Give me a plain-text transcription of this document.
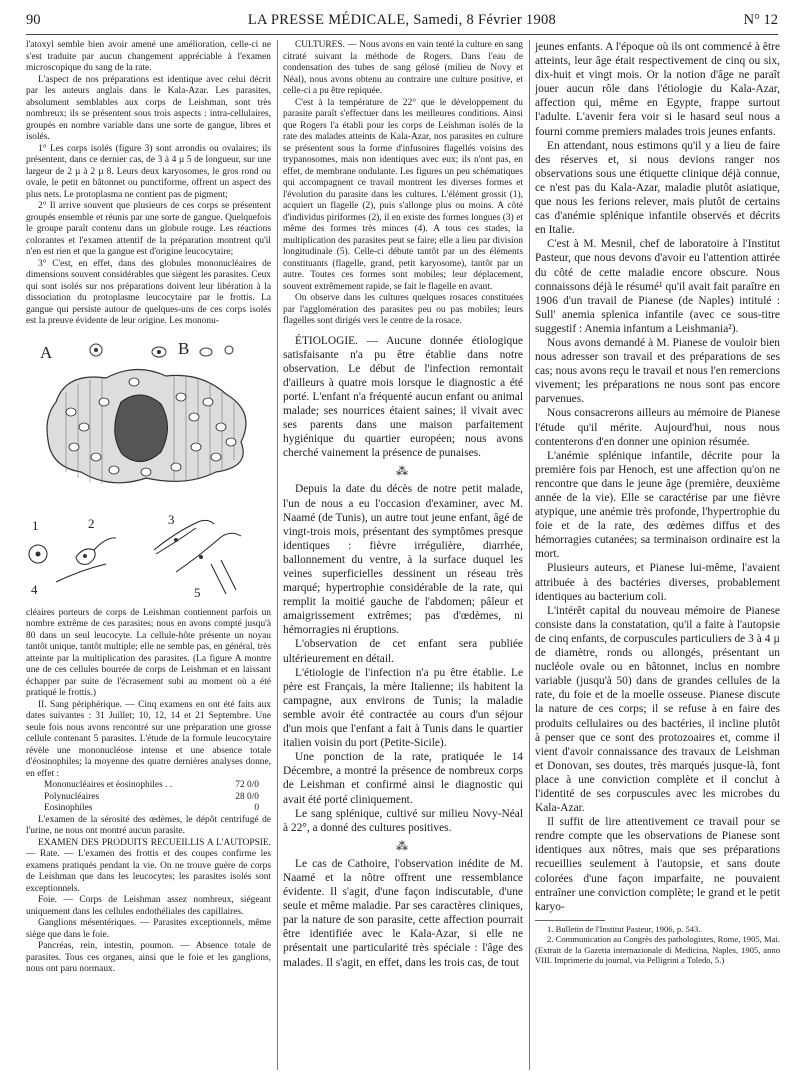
90	LA PRESSE MÉDICALE, Samedi, 8 Février 1908	N° 12

l'atoxyl semble bien avoir amené une amélioration, celle-ci ne s'est traduite par aucun changement appréciable à l'examen microscopique du sang de la rate.

L'aspect de nos préparations est identique avec celui décrit par les auteurs anglais dans le Kala-Azar. Les parasites, absolument semblables aux corps de Leishman, sont très nombreux; ils se présentent sous trois aspects : intra-cellulaires, groupés en nombre variable dans une sorte de gangue, libres et isolés.

1° Les corps isolés (figure 3) sont arrondis ou ovalaires; ils présentent, dans ce dernier cas, de 3 à 4 µ 5 de longueur, sur une largeur de 2 µ à 2 µ 8. Leurs deux karyosomes, le gros rond ou ovale, le petit en bâtonnet ou punctiforme, offrent un aspect des plus nets. Le protoplasma ne contient pas de pigment;

2° Il arrive souvent que plusieurs de ces corps se présentent groupés ensemble et réunis par une sorte de gangue. Quelquefois le groupe paraît contenu dans un globule rouge. Les réactions colorantes et l'examen attentif de la préparation montrent qu'il n'en est rien et que la gangue est d'origine leucocytaire;

3° C'est, en effet, dans des globules mononucléaires de dimensions souvent considérables que siègent les parasites. Ceux qui sont isolés sur nos préparations doivent leur libération à la dissociation du protoplasme leucocytaire par le frottis. La gangue qui persiste autour de quelques-uns de ces corps isolés est la preuve évidente de leur origine. Les mononu-

A	B
1	2	3
4	5

cléaires porteurs de corps de Leishman contiennent parfois un nombre extrême de ces parasites; nous en avons compté jusqu'à 80 dans un seul leucocyte. La cellule-hôte présente un noyau tantôt unique, tantôt multiple; elle ne semble pas, en général, très atteinte par la multiplication des parasites. (La figure A montre une de ces cellules bourrée de corps de Leishman et en laissant échapper par suite de l'écrasement subi au moment où a été pratiqué le frottis.)

II. Sang périphérique. — Cinq examens en ont été faits aux dates suivantes : 31 Juillet; 10, 12, 14 et 21 Septembre. Une seule fois nous avons rencontré sur une préparation une grosse cellule contenant 5 parasites. L'étude de la formule leucocytaire révèle une mononucléose intense et une absence totale d'éosinophiles; la moyenne des quatre dernières analyses donne, en effet :

Mononucléaires et éosinophiles . .	72 0/0
Polynucléaires	28 0/0
Eosinophiles	0

L'examen de la sérosité des œdèmes, le dépôt centrifugé de l'urine, ne nous ont montré aucun parasite.

EXAMEN DES PRODUITS RECUEILLIS A L'AUTOPSIE. — Rate. — L'examen des frottis et des coupes confirme les examens pratiqués pendant la vie. On ne trouve guère de corps de Leishman que dans les leucocytes; les parasites isolés sont exceptionnels.

Foie. — Corps de Leishman assez nombreux, siégeant uniquement dans les cellules endothéliales des capillaires.

Ganglions mésentériques. — Parasites exceptionnels, même siège que dans le foie.

Pancréas, rein, intestin, poumon. — Absence totale de parasites. Tous ces organes, ainsi que le foie et les ganglions, nous ont paru normaux.

CULTURES. — Nous avons en vain tenté la culture en sang citraté suivant la méthode de Rogers. Dans l'eau de condensation des tubes de sang gélosé (milieu de Novy et Néal), nous avons obtenu au contraire une culture positive, et celle-ci a pu être repiquée.

C'est à la température de 22° que le développement du parasite paraît s'effectuer dans les meilleures conditions. Ainsi que Rogers l'a établi pour les corps de Leishman isolés de la rate des malades atteints de Kala-Azar, nos parasites en culture se présentent sous la forme d'infusoires flagellés voisins des trypanosomes, mais non identiques avec eux; ils n'ont pas, en effet, de membrane ondulante. Les figures un peu schématiques qui accompagnent ce travail montrent les diverses formes et l'évolution du parasite dans les cultures. L'élément grossit (1), acquiert un flagelle (2), puis s'allonge plus ou moins. A côté d'individus piriformes (2), il en existe des formes longues (3) et même des formes très minces (4). A tous ces stades, la multiplication des parasites peut se faire; elle a lieu par division longitudinale (5). Celle-ci débute tantôt par un des éléments constituants (flagelle, grand, petit karyosome), tantôt par un autre. Toutes ces formes sont mobiles; leur déplacement, souvent extrêmement rapide, se fait le flagelle en avant.

On observe dans les cultures quelques rosaces constituées par l'agglomération des parasites peu ou pas mobiles; leurs flagelles sont dirigés vers le centre de la rosace.

ÉTIOLOGIE. — Aucune donnée étiologique satisfaisante n'a pu être établie dans notre observation. Le début de l'infection remontait d'ailleurs à quatre mois lorsque le diagnostic a été porté. L'enfant n'a fréquenté aucun enfant ou animal malade; ses nourrices étaient saines; il vivait avec ses parents dans une maison parfaitement hygiénique du quartier européen; nous avons cherché vainement la présence de punaises.

⁂

Depuis la date du décès de notre petit malade, l'un de nous a eu l'occasion d'examiner, avec M. Naamé (de Tunis), un autre tout jeune enfant, âgé de vingt-trois mois, présentant des symptômes presque identiques : fièvre irrégulière, diarrhée, ballonnement du ventre, à la surface duquel les veines superficielles dessinent un réseau très marqué; hypertrophie considérable de la rate, qui remplit la moitié gauche de l'abdomen; pâleur et amaigrissement extrêmes; pas d'œdèmes, ni hémorragies ni éruptions.

L'observation de cet enfant sera publiée ultérieurement en détail.

L'étiologie de l'infection n'a pu être établie. Le père est Français, la mère Italienne; ils habitent la campagne, aux environs de Tunis; la maladie semble avoir été contractée au cours d'un séjour d'un mois que l'enfant a fait à Tunis dans le quartier italien voisin du port (Petite-Sicile).

Une ponction de la rate, pratiquée le 14 Décembre, a montré la présence de nombreux corps de Leishman et confirmé ainsi le diagnostic qui avait été porté cliniquement.

Le sang splénique, cultivé sur milieu Novy-Néal à 22°, a donné des cultures positives.

⁂

Le cas de Cathoire, l'observation inédite de M. Naamé et la nôtre offrent une ressemblance évidente. Il s'agit, d'une façon indiscutable, d'une seule et même maladie. Par ses caractères cliniques, par la nature de son parasite, cette affection pourrait être identifiée avec le Kala-Azar, si elle ne présentait une particularité très spéciale : l'âge des malades. Il s'agit, en effet, dans les trois cas, de tout

jeunes enfants. A l'époque où ils ont commencé à être atteints, leur âge était respectivement de cinq ou six, dix-huit et vingt mois. Or la notion d'âge ne paraît jouer aucun rôle dans l'étiologie du Kala-Azar, affection qui, même en Egypte, frappe surtout l'adulte. L'avenir fera voir si le hasard seul nous a fourni comme premiers malades trois jeunes enfants.

En attendant, nous estimons qu'il y a lieu de faire des réserves et, si nous devions ranger nos observations sous une étiquette clinique déjà connue, ce n'est pas du Kala-Azar, maladie plutôt asiatique, que nous les ferions relever, mais plutôt de certains cas d'anémie splénique infantile observés et décrits en Italie.

C'est à M. Mesnil, chef de laboratoire à l'Institut Pasteur, que nous devons d'avoir eu l'attention attirée du côté de cette maladie encore obscure. Nous connaissons déjà le résumé¹ qu'il avait fait paraître en 1906 d'un travail de Pianese (de Naples) intitulé : Sull' anemia splenica infantile (avec ce sous-titre suggestif : Anemia infantum a Leishmania²).

Nous avons demandé à M. Pianese de vouloir bien nous adresser son travail et des préparations de ses cas; nous avons reçu le travail et nous l'en remercions vivement; les préparations ne nous sont pas encore parvenues.

Nous consacrerons ailleurs au mémoire de Pianese l'étude qu'il mérite. Aujourd'hui, nous nous contenterons d'en donner une opinion résumée.

L'anémie splénique infantile, décrite pour la première fois par Henoch, est une affection qu'on ne rencontre que dans le jeune âge (première, deuxième année de la vie). Elle se caractérise par une fièvre atypique, une anémie très profonde, l'hypertrophie du foie et de la rate, des œdèmes diffus et des hémorragies cutanées; sa terminaison ordinaire est la mort.

Plusieurs auteurs, et Pianese lui-même, l'avaient attribuée à des bactéries diverses, probablement identiques au bacterium coli.

L'intérêt capital du nouveau mémoire de Pianese consiste dans la constatation, qu'il a faite à l'autopsie de cinq enfants, de corpuscules particuliers de 3 à 4 µ de diamètre, ronds ou allongés, présentant un nucléole ovale ou en bâtonnet, inclus en nombre variable (jusqu'à 50) dans de grandes cellules de la rate, du foie et de la moelle osseuse. Pianese discute la nature de ces corps; il se refuse à en faire des produits cellulaires ou des bactéries, il incline plutôt à penser que ce sont des protozoaires et, comme il vient d'avoir connaissance des travaux de Leishman et Donovan, ses doutes, très marqués jusque-là, font place à une conviction complète et il conclut à l'identité de ses corpuscules avec les microbes du Kala-Azar.

Il suffit de lire attentivement ce travail pour se rendre compte que les observations de Pianese sont identiques aux nôtres, mais que ses préparations recueillies seulement à l'autopsie, et sans doute colorées d'une façon imparfaite, ne pouvaient entraîner une conviction complète; le grand et le petit karyo-

1. Bulletin de l'Institut Pasteur, 1906, p. 543.

2. Communication au Congrès des pathologistes, Rome, 1905, Mai. (Extrait de la Gazetta internazionale di Medicina, Naples, 1905, anno VIII. Imprimerie du journal, via Pelligrini a Toledo, 5.)
